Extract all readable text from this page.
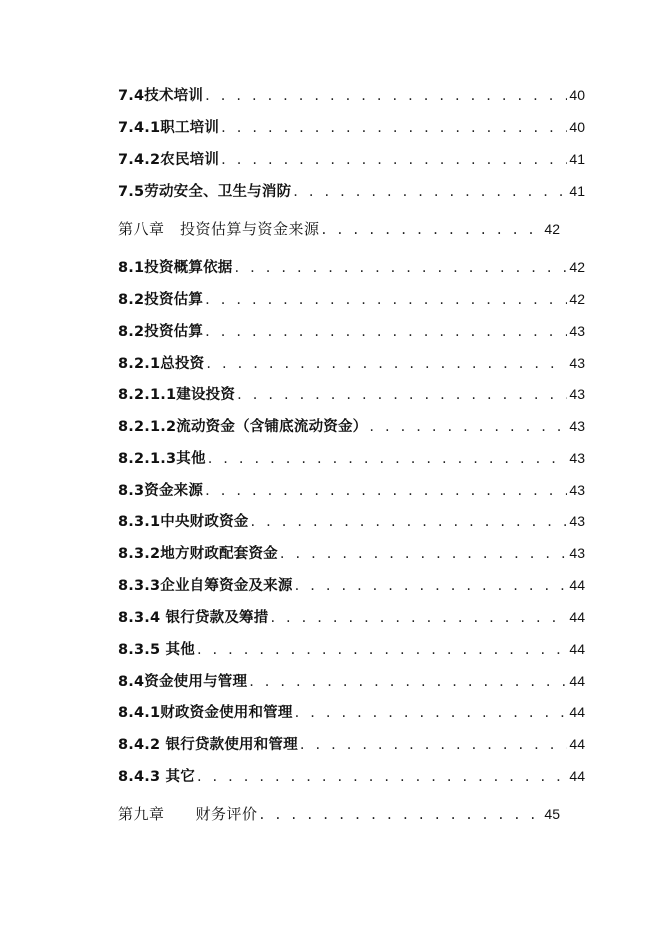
7.4技术培训 . . .	40
7.4.1职工培训 . . .	40
7.4.2农民培训 . . .	41
7.5劳动安全、卫生与消防 . . .	41
第八章　投资估算与资金来源 . . .	42
8.1投资概算依据 . . .	42
8.2投资估算 . . .	42
8.2投资估算 . . .	43
8.2.1总投资 . . .	43
8.2.1.1建设投资 . . .	43
8.2.1.2流动资金（含铺底流动资金） . . .	43
8.2.1.3其他 . . .	43
8.3资金来源 . . .	43
8.3.1中央财政资金 . . .	43
8.3.2地方财政配套资金 . . .	43
8.3.3企业自筹资金及来源 . . .	44
8.3.4 银行贷款及筹措 . . .	44
8.3.5 其他 . . .	44
8.4资金使用与管理 . . .	44
8.4.1财政资金使用和管理 . . .	44
8.4.2 银行贷款使用和管理 . . .	44
8.4.3 其它 . . .	44
第九章　　财务评价 . . .	45
